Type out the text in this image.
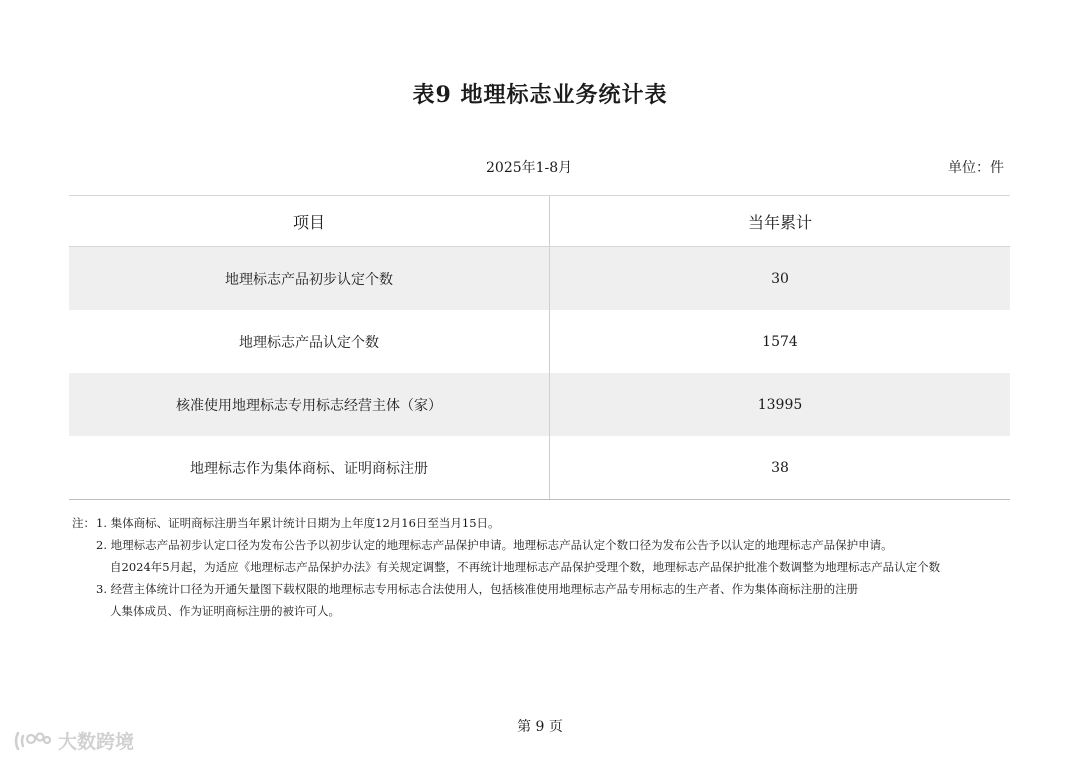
表9 地理标志业务统计表
2025年1-8月	单位：件
项目	当年累计
地理标志产品初步认定个数	30
地理标志产品认定个数	1574
核准使用地理标志专用标志经营主体（家）	13995
地理标志作为集体商标、证明商标注册	38
注：1. 集体商标、证明商标注册当年累计统计日期为上年度12月16日至当月15日。
2. 地理标志产品初步认定口径为发布公告予以初步认定的地理标志产品保护申请。地理标志产品认定个数口径为发布公告予以认定的地理标志产品保护申请。
自2024年5月起，为适应《地理标志产品保护办法》有关规定调整，不再统计地理标志产品保护受理个数，地理标志产品保护批准个数调整为地理标志产品认定个数
3. 经营主体统计口径为开通矢量图下载权限的地理标志专用标志合法使用人，包括核准使用地理标志产品专用标志的生产者、作为集体商标注册的注册
人集体成员、作为证明商标注册的被许可人。
第 9 页
大数跨境
